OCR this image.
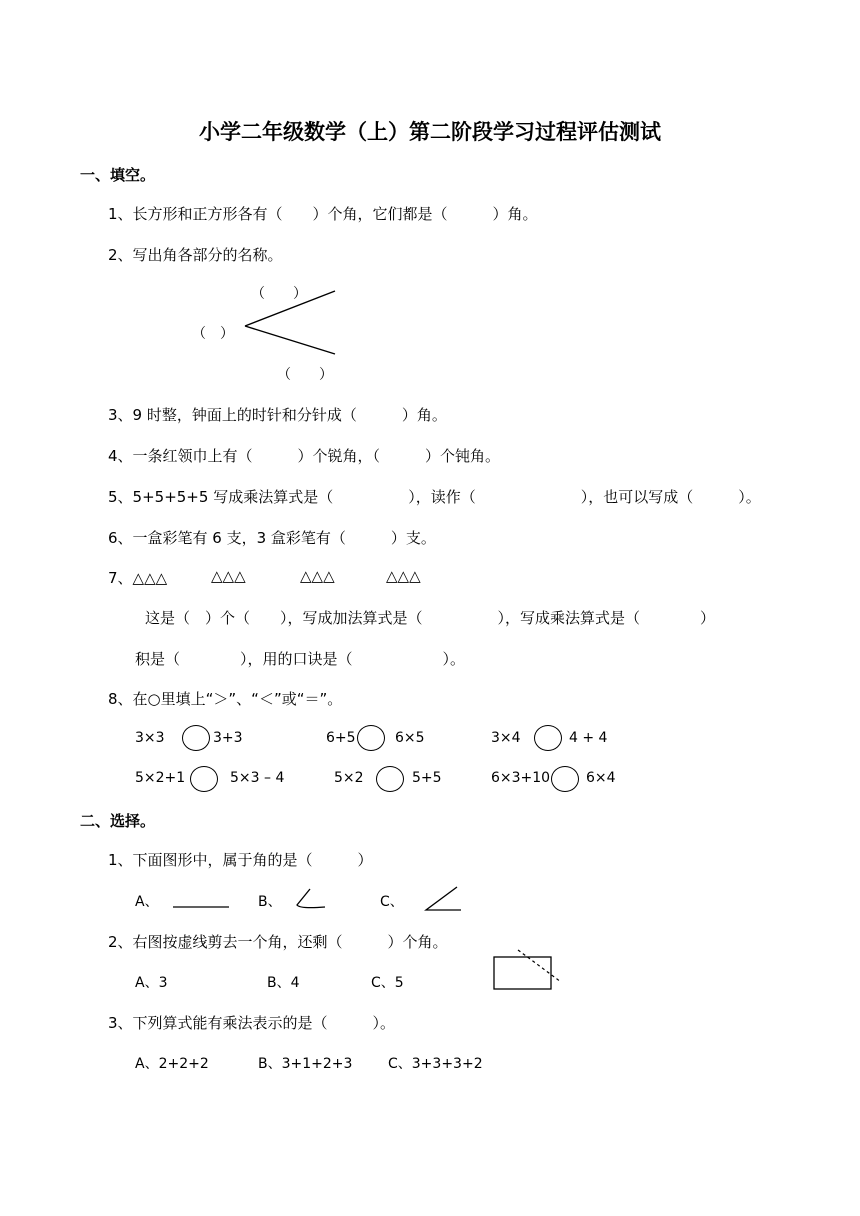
小学二年级数学（上）第二阶段学习过程评估测试
一、填空。
1、长方形和正方形各有（　　）个角，它们都是（　　　）角。
2、写出角各部分的名称。
（　　）
（　）
（　　）
3、9 时整，钟面上的时针和分针成（　　　）角。
4、一条红领巾上有（　　　）个锐角，（　　　）个钝角。
5、5+5+5+5 写成乘法算式是（　　　　　），读作（　　　　　　　），也可以写成（　　　）。
6、一盒彩笔有 6 支，3 盒彩笔有（　　　）支。
7、△△△	△△△	△△△	△△△
这是（　）个（　　），写成加法算式是（　　　　　），写成乘法算式是（　　　　）
积是（　　　　），用的口诀是（　　　　　　）。
8、在○里填上“＞”、“＜”或“＝”。
3×3	3+3	6+5	6×5	3×4	4 + 4
5×2+1	5×3 – 4	5×2	5+5	6×3+10	6×4
二、选择。
1、下面图形中，属于角的是（　　　）
A、	B、	C、
2、右图按虚线剪去一个角，还剩（　　　）个角。
A、3	B、4	C、5
3、下列算式能有乘法表示的是（　　　）。
A、2+2+2	B、3+1+2+3	C、3+3+3+2
